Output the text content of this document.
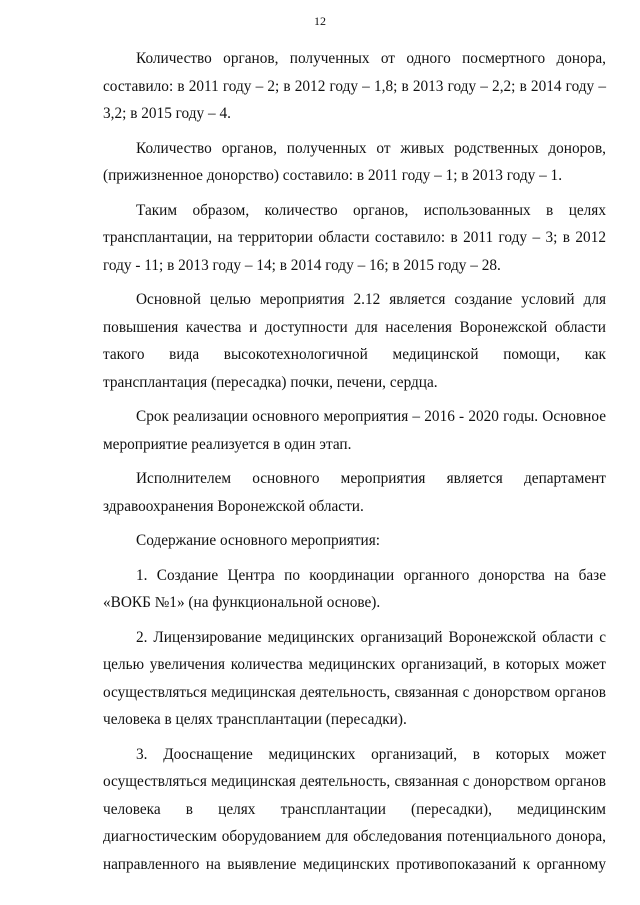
12

Количество органов, полученных от одного посмертного донора, составило: в 2011 году – 2; в 2012 году – 1,8; в 2013 году – 2,2; в 2014 году – 3,2; в 2015 году – 4.

Количество органов, полученных от живых родственных доноров, (прижизненное донорство) составило: в 2011 году – 1; в 2013 году – 1.

Таким образом, количество органов, использованных в целях трансплантации, на территории области составило: в 2011 году – 3; в 2012 году - 11; в 2013 году – 14; в 2014 году – 16; в 2015 году – 28.

Основной целью мероприятия 2.12 является создание условий для повышения качества и доступности для населения Воронежской области такого вида высокотехнологичной медицинской помощи, как трансплантация (пересадка) почки, печени, сердца.

Срок реализации основного мероприятия – 2016 - 2020 годы. Основное мероприятие реализуется в один этап.

Исполнителем основного мероприятия является департамент здравоохранения Воронежской области.

Содержание основного мероприятия:

1. Создание Центра по координации органного донорства на базе «ВОКБ №1» (на функциональной основе).

2. Лицензирование медицинских организаций Воронежской области с целью увеличения количества медицинских организаций, в которых может осуществляться медицинская деятельность, связанная с донорством органов человека в целях трансплантации (пересадки).

3. Дооснащение медицинских организаций, в которых может осуществляться медицинская деятельность, связанная с донорством органов человека в целях трансплантации (пересадки), медицинским диагностическим оборудованием для обследования потенциального донора, направленного на выявление медицинских противопоказаний к органному
